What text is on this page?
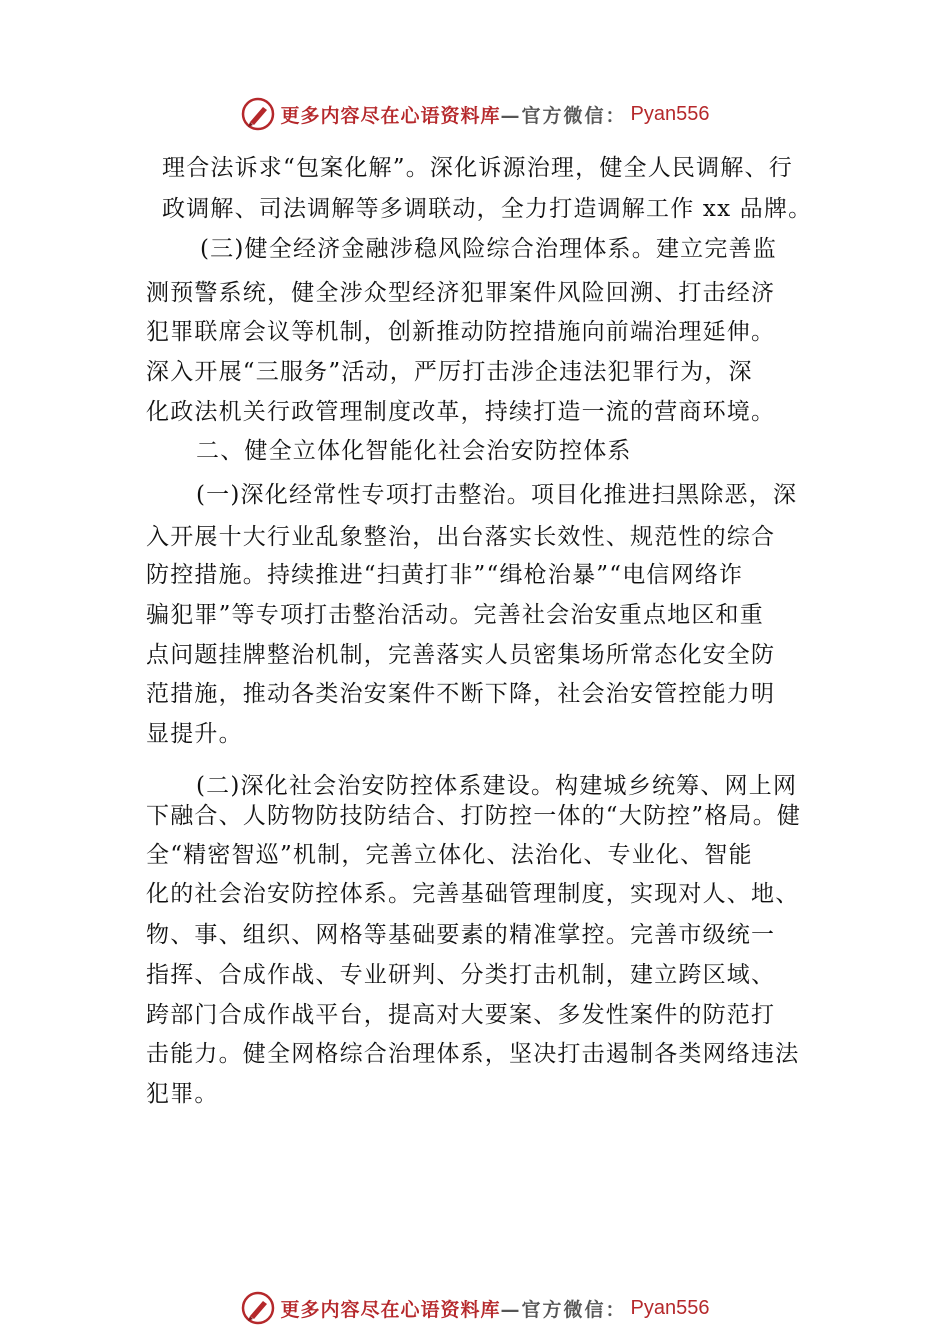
更多内容尽在心语资料库 —官方微信： Pyan556
理合法诉求“包案化解”。深化诉源治理，健全人民调解、行
政调解、司法调解等多调联动，全力打造调解工作 xx 品牌。
(三)健全经济金融涉稳风险综合治理体系。建立完善监
测预警系统，健全涉众型经济犯罪案件风险回溯、打击经济
犯罪联席会议等机制，创新推动防控措施向前端治理延伸。
深入开展“三服务”活动，严厉打击涉企违法犯罪行为，深
化政法机关行政管理制度改革，持续打造一流的营商环境。
二、健全立体化智能化社会治安防控体系
(一)深化经常性专项打击整治。项目化推进扫黑除恶，深
入开展十大行业乱象整治，出台落实长效性、规范性的综合
防控措施。持续推进“扫黄打非”“缉枪治暴”“电信网络诈
骗犯罪”等专项打击整治活动。完善社会治安重点地区和重
点问题挂牌整治机制，完善落实人员密集场所常态化安全防
范措施，推动各类治安案件不断下降，社会治安管控能力明
显提升。
(二)深化社会治安防控体系建设。构建城乡统筹、网上网
下融合、人防物防技防结合、打防控一体的“大防控”格局。健
全“精密智巡”机制，完善立体化、法治化、专业化、智能
化的社会治安防控体系。完善基础管理制度，实现对人、地、
物、事、组织、网格等基础要素的精准掌控。完善市级统一
指挥、合成作战、专业研判、分类打击机制，建立跨区域、
跨部门合成作战平台，提高对大要案、多发性案件的防范打
击能力。健全网格综合治理体系，坚决打击遏制各类网络违法
犯罪。
更多内容尽在心语资料库 —官方微信： Pyan556
